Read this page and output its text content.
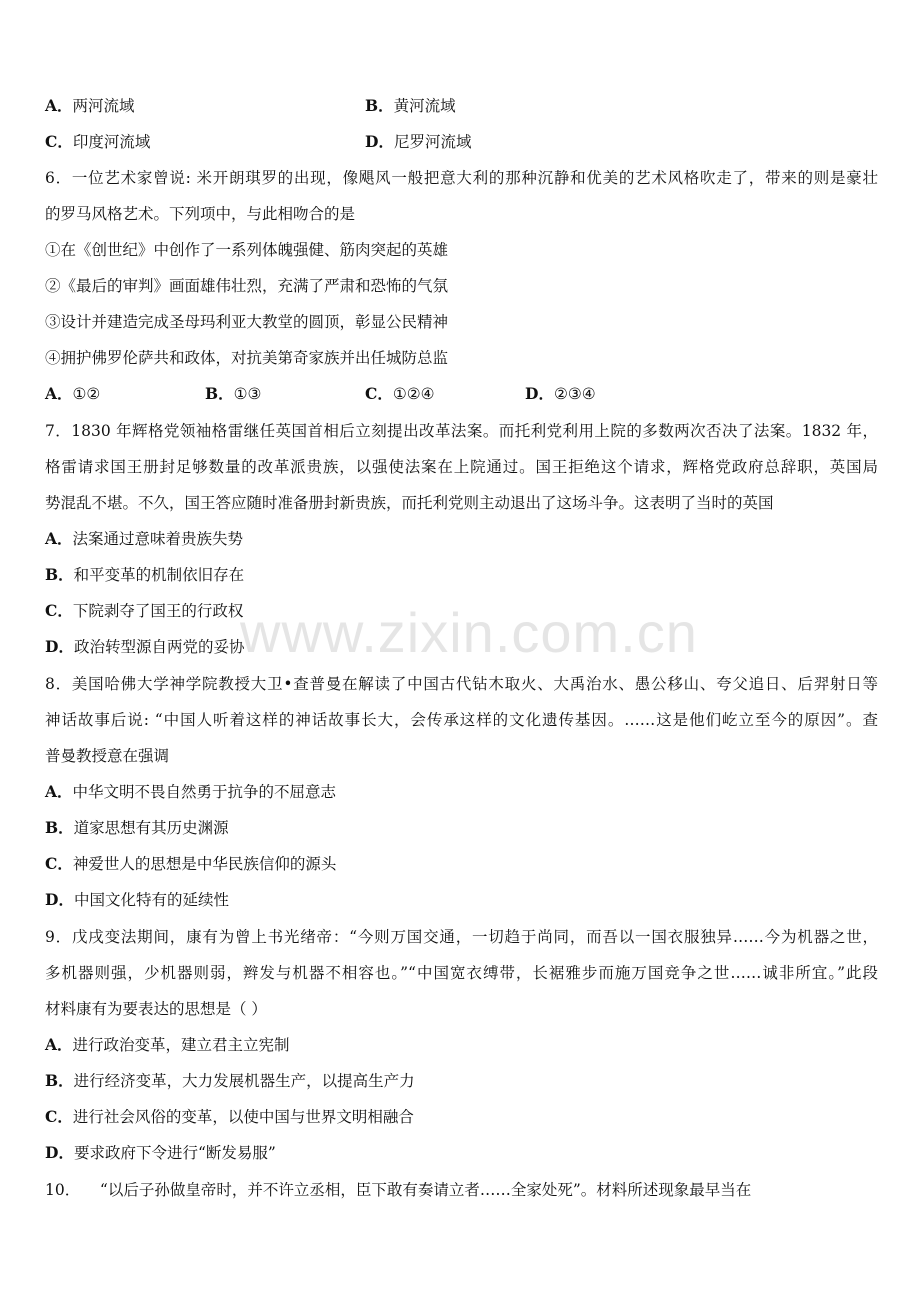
A．两河流域	B．黄河流域
C．印度河流域	D．尼罗河流域
6．一位艺术家曾说: 米开朗琪罗的出现，像飓风一般把意大利的那种沉静和优美的艺术风格吹走了，带来的则是豪壮
的罗马风格艺术。下列项中，与此相吻合的是
①在《创世纪》中创作了一系列体魄强健、筋肉突起的英雄
②《最后的审判》画面雄伟壮烈，充满了严肃和恐怖的气氛
③设计并建造完成圣母玛利亚大教堂的圆顶，彰显公民精神
④拥护佛罗伦萨共和政体，对抗美第奇家族并出任城防总监
A．①②	B．①③	C．①②④	D．②③④
7．1830 年辉格党领袖格雷继任英国首相后立刻提出改革法案。而托利党利用上院的多数两次否决了法案。1832 年，
格雷请求国王册封足够数量的改革派贵族，以强使法案在上院通过。国王拒绝这个请求，辉格党政府总辞职，英国局
势混乱不堪。不久，国王答应随时准备册封新贵族，而托利党则主动退出了这场斗争。这表明了当时的英国
A．法案通过意味着贵族失势
B．和平变革的机制依旧存在
C．下院剥夺了国王的行政权
D．政治转型源自两党的妥协
8．美国哈佛大学神学院教授大卫•查普曼在解读了中国古代钻木取火、大禹治水、愚公移山、夸父追日、后羿射日等
神话故事后说: “中国人听着这样的神话故事长大，会传承这样的文化遗传基因。……这是他们屹立至今的原因”。查
普曼教授意在强调
A．中华文明不畏自然勇于抗争的不屈意志
B．道家思想有其历史渊源
C．神爱世人的思想是中华民族信仰的源头
D．中国文化特有的延续性
9．戊戌变法期间，康有为曾上书光绪帝：“今则万国交通，一切趋于尚同，而吾以一国衣服独异……今为机器之世，
多机器则强，少机器则弱，辫发与机器不相容也。”“中国宽衣缚带，长裾雅步而施万国竞争之世……诚非所宜。”此段
材料康有为要表达的思想是（ ）
A．进行政治变革，建立君主立宪制
B．进行经济变革，大力发展机器生产，以提高生产力
C．进行社会风俗的变革，以使中国与世界文明相融合
D．要求政府下令进行“断发易服”
10．    “以后子孙做皇帝时，并不许立丞相，臣下敢有奏请立者……全家处死”。材料所述现象最早当在
www.zixin.com.cn
